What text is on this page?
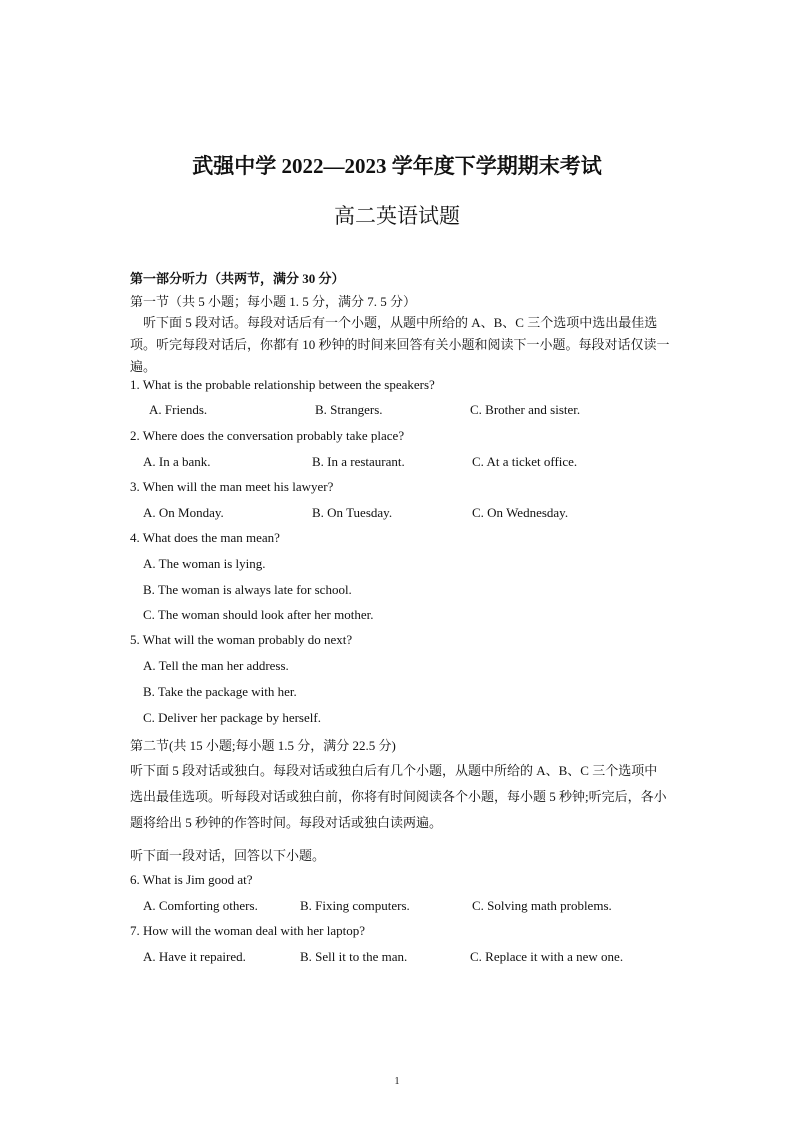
武强中学 2022—2023 学年度下学期期末考试
高二英语试题
第一部分听力（共两节，满分 30 分）
第一节（共 5 小题；每小题 1. 5 分，满分 7. 5 分）
听下面 5 段对话。每段对话后有一个小题，从题中所给的 A、B、C 三个选项中选出最佳选项。听完每段对话后，你都有 10 秒钟的时间来回答有关小题和阅读下一小题。每段对话仅读一遍。
1. What is the probable relationship between the speakers?
A. Friends.	B. Strangers.	C. Brother and sister.
2. Where does the conversation probably take place?
A. In a bank.	B. In a restaurant.	C. At a ticket office.
3. When will the man meet his lawyer?
A. On Monday.	B. On Tuesday.	C. On Wednesday.
4. What does the man mean?
A. The woman is lying.
B. The woman is always late for school.
C. The woman should look after her mother.
5. What will the woman probably do next?
A. Tell the man her address.
B. Take the package with her.
C. Deliver her package by herself.
第二节(共 15 小题;每小题 1.5 分，满分 22.5 分)
听下面 5 段对话或独白。每段对话或独白后有几个小题，从题中所给的 A、B、C 三个选项中选出最佳选项。听每段对话或独白前，你将有时间阅读各个小题，每小题 5 秒钟;听完后，各小题将给出 5 秒钟的作答时间。每段对话或独白读两遍。
听下面一段对话，回答以下小题。
6. What is Jim good at?
A. Comforting others.	B. Fixing computers.	C. Solving math problems.
7. How will the woman deal with her laptop?
A. Have it repaired.	B. Sell it to the man.	C. Replace it with a new one.
1
